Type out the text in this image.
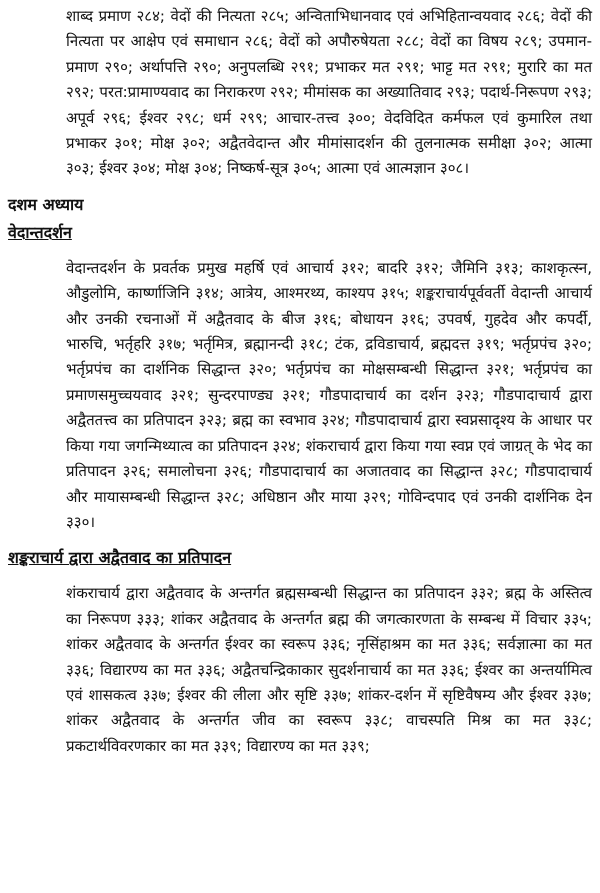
शाब्द प्रमाण २८४; वेदों की नित्यता २८५; अन्विताभिधानवाद एवं अभिहितान्वयवाद २८६; वेदों की नित्यता पर आक्षेप एवं समाधान २८६; वेदों को अपौरुषेयता २८८; वेदों का विषय २८९; उपमान-प्रमाण २९०; अर्थापत्ति २९०; अनुपलब्धि २९१; प्रभाकर मत २९१; भाट्ट मत २९१; मुरारि का मत २९२; परत:प्रामाण्यवाद का निराकरण २९२; मीमांसक का अख्यातिवाद २९३; पदार्थ-निरूपण २९३; अपूर्व २९६; ईश्वर २९८; धर्म २९९; आचार-तत्त्व ३००; वेदविदित कर्मफल एवं कुमारिल तथा प्रभाकर ३०१; मोक्ष ३०२; अद्वैतवेदान्त और मीमांसादर्शन की तुलनात्मक समीक्षा ३०२; आत्मा ३०३; ईश्वर ३०४; मोक्ष ३०४; निष्कर्ष-सूत्र ३०५; आत्मा एवं आत्मज्ञान ३०८।

दशम अध्याय
वेदान्तदर्शन

वेदान्तदर्शन के प्रवर्तक प्रमुख महर्षि एवं आचार्य ३१२; बादरि ३१२; जैमिनि ३१३; काशकृत्स्न, औडुलोमि, कार्ष्णाजिनि ३१४; आत्रेय, आश्मरथ्य, काश्यप ३१५; शङ्कराचार्यपूर्ववर्ती वेदान्ती आचार्य और उनकी रचनाओं में अद्वैतवाद के बीज ३१६; बोधायन ३१६; उपवर्ष, गुहदेव और कपर्दी, भारुचि, भर्तृहरि ३१७; भर्तृमित्र, ब्रह्मानन्दी ३१८; टंक, द्रविडाचार्य, ब्रह्मदत्त ३१९; भर्तृप्रपंच ३२०; भर्तृप्रपंच का दार्शनिक सिद्धान्त ३२०; भर्तृप्रपंच का मोक्षसम्बन्धी सिद्धान्त ३२१; भर्तृप्रपंच का प्रमाणसमुच्चयवाद ३२१; सुन्दरपाण्ड्य ३२१; गौडपादाचार्य का दर्शन ३२३; गौडपादाचार्य द्वारा अद्वैततत्त्व का प्रतिपादन ३२३; ब्रह्म का स्वभाव ३२४; गौडपादाचार्य द्वारा स्वप्नसादृश्य के आधार पर किया गया जगन्मिथ्यात्व का प्रतिपादन ३२४; शंकराचार्य द्वारा किया गया स्वप्न एवं जाग्रत् के भेद का प्रतिपादन ३२६; समालोचना ३२६; गौडपादाचार्य का अजातवाद का सिद्धान्त ३२८; गौडपादाचार्य और मायासम्बन्धी सिद्धान्त ३२८; अधिष्ठान और माया ३२९; गोविन्दपाद एवं उनकी दार्शनिक देन ३३०।

शङ्कराचार्य द्वारा अद्वैतवाद का प्रतिपादन

शंकराचार्य द्वारा अद्वैतवाद के अन्तर्गत ब्रह्मसम्बन्धी सिद्धान्त का प्रतिपादन ३३२; ब्रह्म के अस्तित्व का निरूपण ३३३; शांकर अद्वैतवाद के अन्तर्गत ब्रह्म की जगत्कारणता के सम्बन्ध में विचार ३३५; शांकर अद्वैतवाद के अन्तर्गत ईश्वर का स्वरूप ३३६; नृसिंहाश्रम का मत ३३६; सर्वज्ञात्मा का मत ३३६; विद्यारण्य का मत ३३६; अद्वैतचन्द्रिकाकार सुदर्शनाचार्य का मत ३३६; ईश्वर का अन्तर्यामित्व एवं शासकत्व ३३७; ईश्वर की लीला और सृष्टि ३३७; शांकर-दर्शन में सृष्टिवैषम्य और ईश्वर ३३७; शांकर अद्वैतवाद के अन्तर्गत जीव का स्वरूप ३३८; वाचस्पति मिश्र का मत ३३८; प्रकटार्थविवरणकार का मत ३३९; विद्यारण्य का मत ३३९;
